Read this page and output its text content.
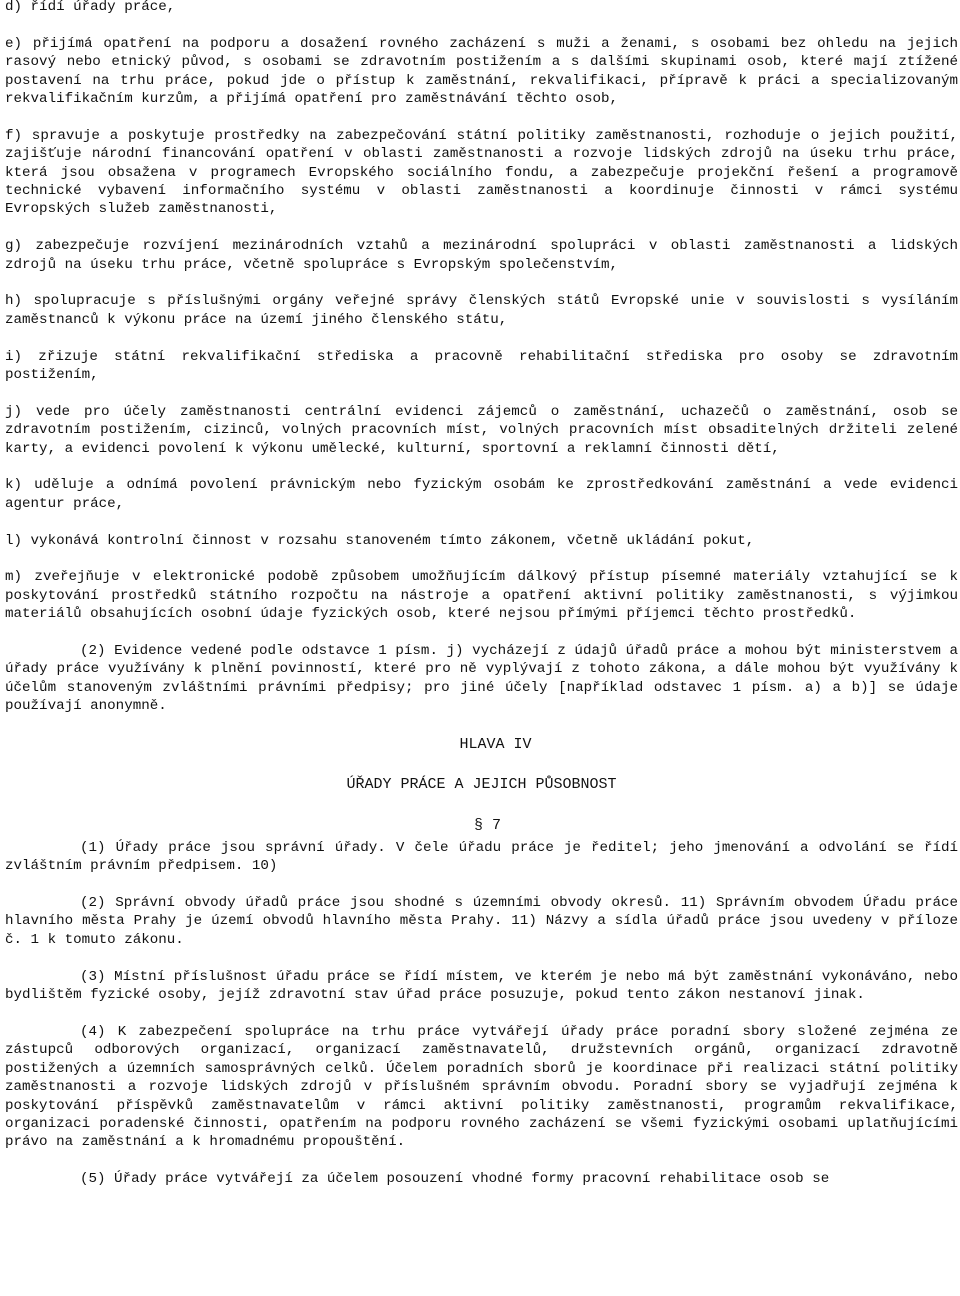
d) řídí úřady práce,

e) přijímá opatření na podporu a dosažení rovného zacházení s muži a ženami, s osobami bez ohledu na jejich rasový nebo etnický původ, s osobami se zdravotním postižením a s dalšími skupinami osob, které mají ztížené postavení na trhu práce, pokud jde o přístup k zaměstnání, rekvalifikaci, přípravě k práci a specializovaným rekvalifikačním kurzům, a přijímá opatření pro zaměstnávání těchto osob,

f) spravuje a poskytuje prostředky na zabezpečování státní politiky zaměstnanosti, rozhoduje o jejich použití, zajišťuje národní financování opatření v oblasti zaměstnanosti a rozvoje lidských zdrojů na úseku trhu práce, která jsou obsažena v programech Evropského sociálního fondu, a zabezpečuje projekční řešení a programově technické vybavení informačního systému v oblasti zaměstnanosti a koordinuje činnosti v rámci systému Evropských služeb zaměstnanosti,

g) zabezpečuje rozvíjení mezinárodních vztahů a mezinárodní spolupráci v oblasti zaměstnanosti a lidských zdrojů na úseku trhu práce, včetně spolupráce s Evropským společenstvím,

h) spolupracuje s příslušnými orgány veřejné správy členských států Evropské unie v souvislosti s vysíláním zaměstnanců k výkonu práce na území jiného členského státu,

i) zřizuje státní rekvalifikační střediska a pracovně rehabilitační střediska pro osoby se zdravotním postižením,

j) vede pro účely zaměstnanosti centrální evidenci zájemců o zaměstnání, uchazečů o zaměstnání, osob se zdravotním postižením, cizinců, volných pracovních míst, volných pracovních míst obsaditelných držiteli zelené karty, a evidenci povolení k výkonu umělecké, kulturní, sportovní a reklamní činnosti dětí,

k) uděluje a odnímá povolení právnickým nebo fyzickým osobám ke zprostředkování zaměstnání a vede evidenci agentur práce,

l) vykonává kontrolní činnost v rozsahu stanoveném tímto zákonem, včetně ukládání pokut,

m) zveřejňuje v elektronické podobě způsobem umožňujícím dálkový přístup písemné materiály vztahující se k poskytování prostředků státního rozpočtu na nástroje a opatření aktivní politiky zaměstnanosti, s výjimkou materiálů obsahujících osobní údaje fyzických osob, které nejsou přímými příjemci těchto prostředků.

(2) Evidence vedené podle odstavce 1 písm. j) vycházejí z údajů úřadů práce a mohou být ministerstvem a úřady práce využívány k plnění povinností, které pro ně vyplývají z tohoto zákona, a dále mohou být využívány k účelům stanoveným zvláštními právními předpisy; pro jiné účely [například odstavec 1 písm. a) a b)] se údaje používají anonymně.

HLAVA IV
ÚŘADY PRÁCE A JEJICH PŮSOBNOST
§ 7

(1) Úřady práce jsou správní úřady. V čele úřadu práce je ředitel; jeho jmenování a odvolání se řídí zvláštním právním předpisem. 10)

(2) Správní obvody úřadů práce jsou shodné s územními obvody okresů. 11) Správním obvodem Úřadu práce hlavního města Prahy je území obvodů hlavního města Prahy. 11) Názvy a sídla úřadů práce jsou uvedeny v příloze č. 1 k tomuto zákonu.

(3) Místní příslušnost úřadu práce se řídí místem, ve kterém je nebo má být zaměstnání vykonáváno, nebo bydlištěm fyzické osoby, jejíž zdravotní stav úřad práce posuzuje, pokud tento zákon nestanoví jinak.

(4) K zabezpečení spolupráce na trhu práce vytvářejí úřady práce poradní sbory složené zejména ze zástupců odborových organizací, organizací zaměstnavatelů, družstevních orgánů, organizací zdravotně postižených a územních samosprávných celků. Účelem poradních sborů je koordinace při realizaci státní politiky zaměstnanosti a rozvoje lidských zdrojů v příslušném správním obvodu. Poradní sbory se vyjadřují zejména k poskytování příspěvků zaměstnavatelům v rámci aktivní politiky zaměstnanosti, programům rekvalifikace, organizaci poradenské činnosti, opatřením na podporu rovného zacházení se všemi fyzickými osobami uplatňujícími právo na zaměstnání a k hromadnému propouštění.

(5) Úřady práce vytvářejí za účelem posouzení vhodné formy pracovní rehabilitace osob se
